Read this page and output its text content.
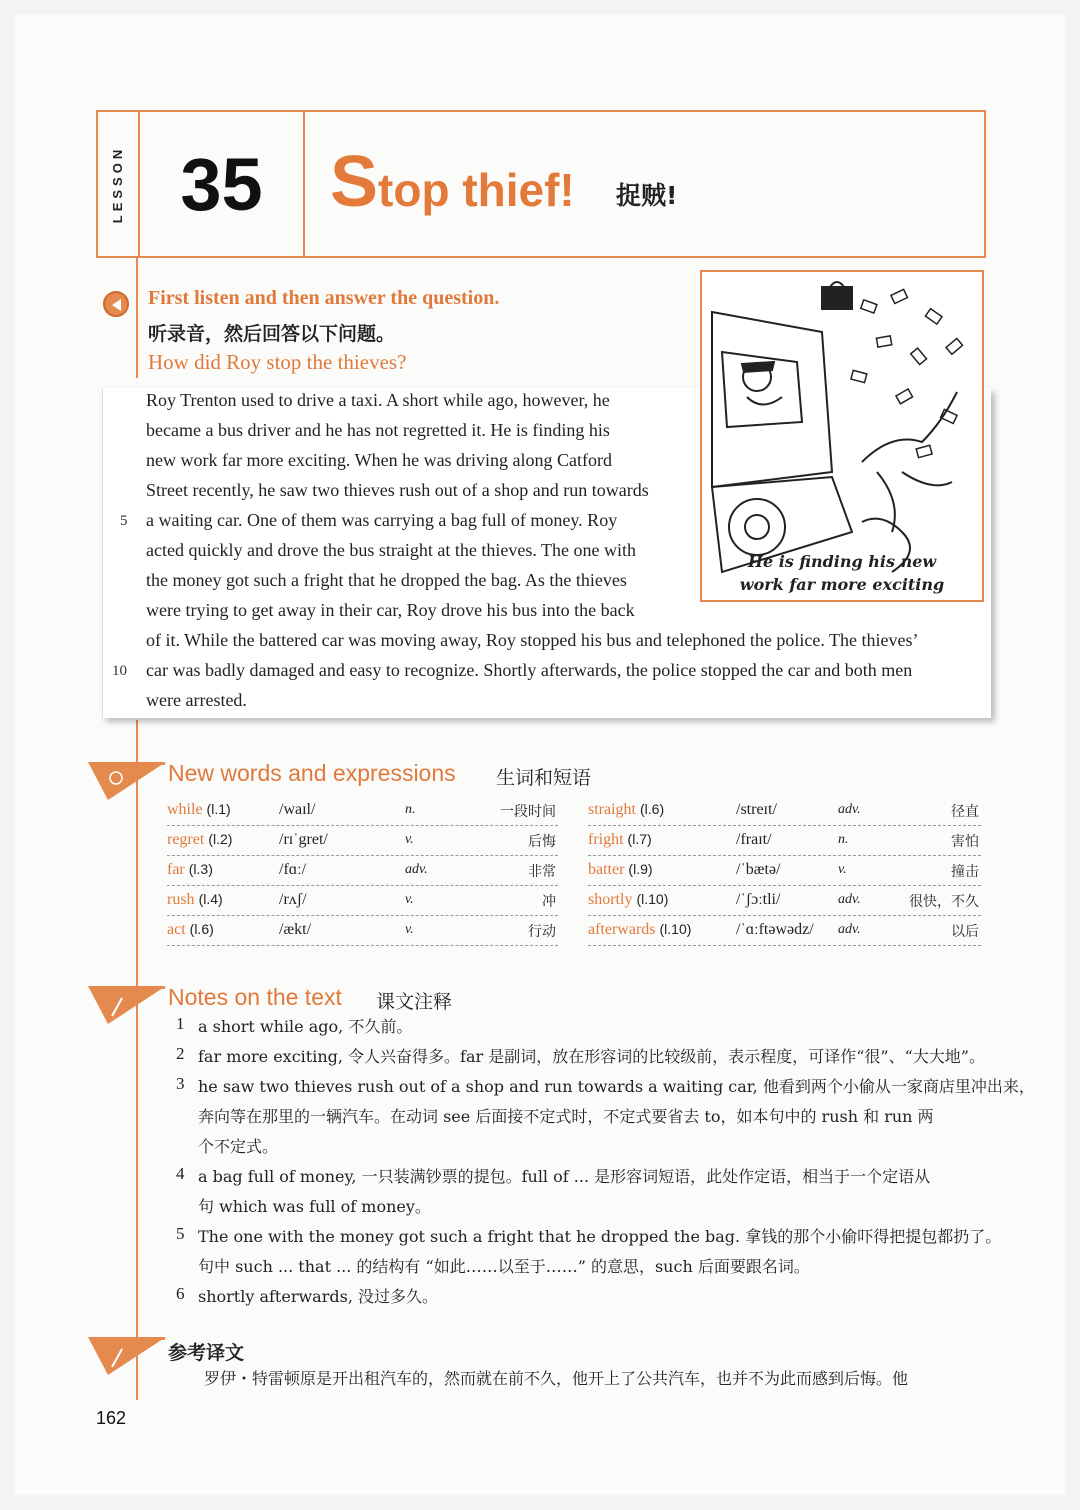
LESSON 35 Stop thief! 捉贼!
First listen and then answer the question.
听录音，然后回答以下问题。
How did Roy stop the thieves?
Roy Trenton used to drive a taxi. A short while ago, however, he
became a bus driver and he has not regretted it. He is finding his
new work far more exciting. When he was driving along Catford
Street recently, he saw two thieves rush out of a shop and run towards
a waiting car. One of them was carrying a bag full of money. Roy
acted quickly and drove the bus straight at the thieves. The one with
the money got such a fright that he dropped the bag. As the thieves
were trying to get away in their car, Roy drove his bus into the back
of it. While the battered car was moving away, Roy stopped his bus and telephoned the police. The thieves’
car was badly damaged and easy to recognize. Shortly afterwards, the police stopped the car and both men
were arrested.
5
10
He is finding his new
work far more exciting
New words and expressions 生词和短语
while (l.1)	/waɪl/	n.	一段时间
regret (l.2)	/rɪˈgret/	v.	后悔
far (l.3)	/fɑː/	adv.	非常
rush (l.4)	/rʌʃ/	v.	冲
act (l.6)	/ækt/	v.	行动
straight (l.6)	/streɪt/	adv.	径直
fright (l.7)	/fraɪt/	n.	害怕
batter (l.9)	/ˈbætə/	v.	撞击
shortly (l.10)	/ˈʃɔːtli/	adv.	很快，不久
afterwards (l.10)	/ˈɑːftəwədz/ adv.	以后
Notes on the text 课文注释
1 a short while ago, 不久前。
2 far more exciting, 令人兴奋得多。far 是副词，放在形容词的比较级前，表示程度，可译作“很”、“大大地”。
3 he saw two thieves rush out of a shop and run towards a waiting car, 他看到两个小偷从一家商店里冲出来，
奔向等在那里的一辆汽车。在动词 see 后面接不定式时，不定式要省去 to，如本句中的 rush 和 run 两
个不定式。
4 a bag full of money, 一只装满钞票的提包。full of ... 是形容词短语，此处作定语，相当于一个定语从
句 which was full of money。
5 The one with the money got such a fright that he dropped the bag. 拿钱的那个小偷吓得把提包都扔了。
句中 such ... that ... 的结构有 “如此……以至于……” 的意思，such 后面要跟名词。
6 shortly afterwards, 没过多久。
参考译文
罗伊・特雷顿原是开出租汽车的，然而就在前不久，他开上了公共汽车，也并不为此而感到后悔。他
162
